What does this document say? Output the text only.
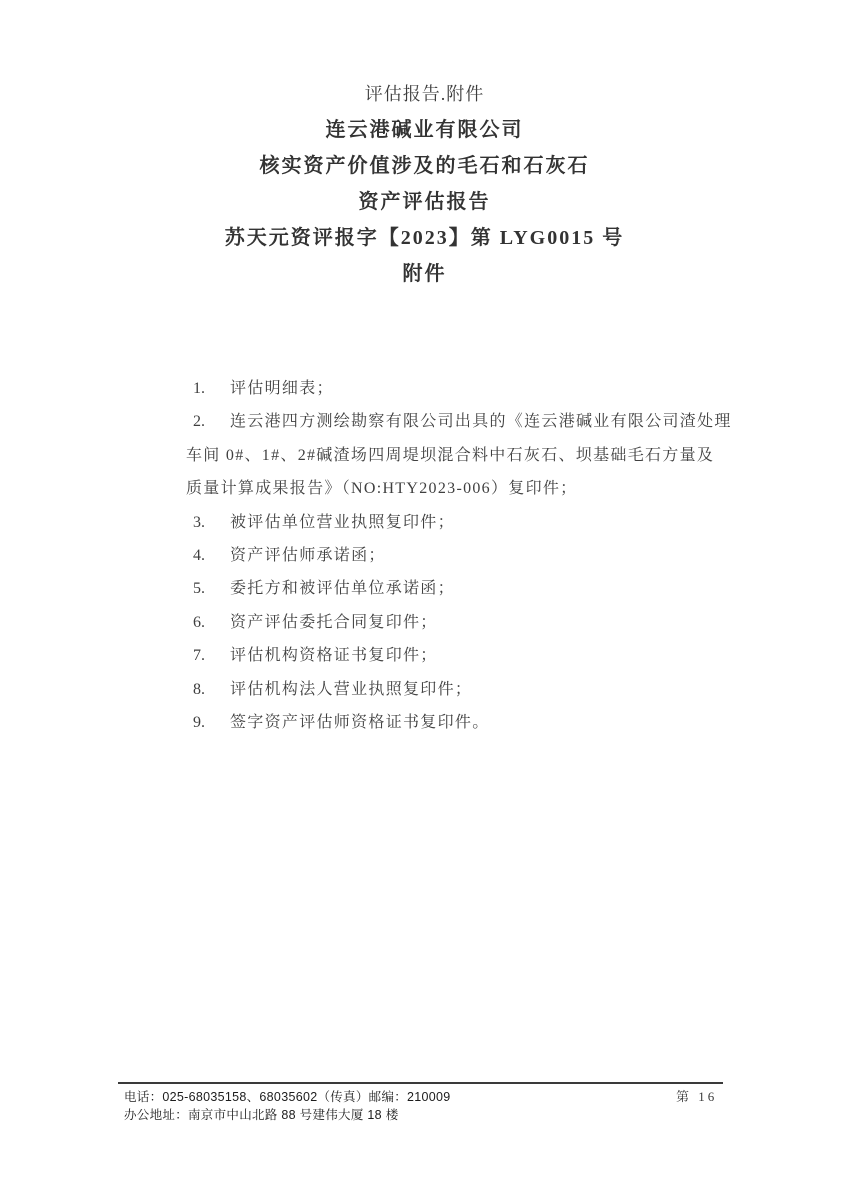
评估报告.附件
连云港碱业有限公司
核实资产价值涉及的毛石和石灰石
资产评估报告
苏天元资评报字【2023】第 LYG0015 号
附件
1. 评估明细表；
2. 连云港四方测绘勘察有限公司出具的《连云港碱业有限公司渣处理
车间 0#、1#、2#碱渣场四周堤坝混合料中石灰石、坝基础毛石方量及
质量计算成果报告》（NO:HTY2023-006）复印件；
3. 被评估单位营业执照复印件；
4. 资产评估师承诺函；
5. 委托方和被评估单位承诺函；
6. 资产评估委托合同复印件；
7. 评估机构资格证书复印件；
8. 评估机构法人营业执照复印件；
9. 签字资产评估师资格证书复印件。
电话：025-68035158、68035602（传真）邮编：210009
办公地址：南京市中山北路 88 号建伟大厦 18 楼
第 16
